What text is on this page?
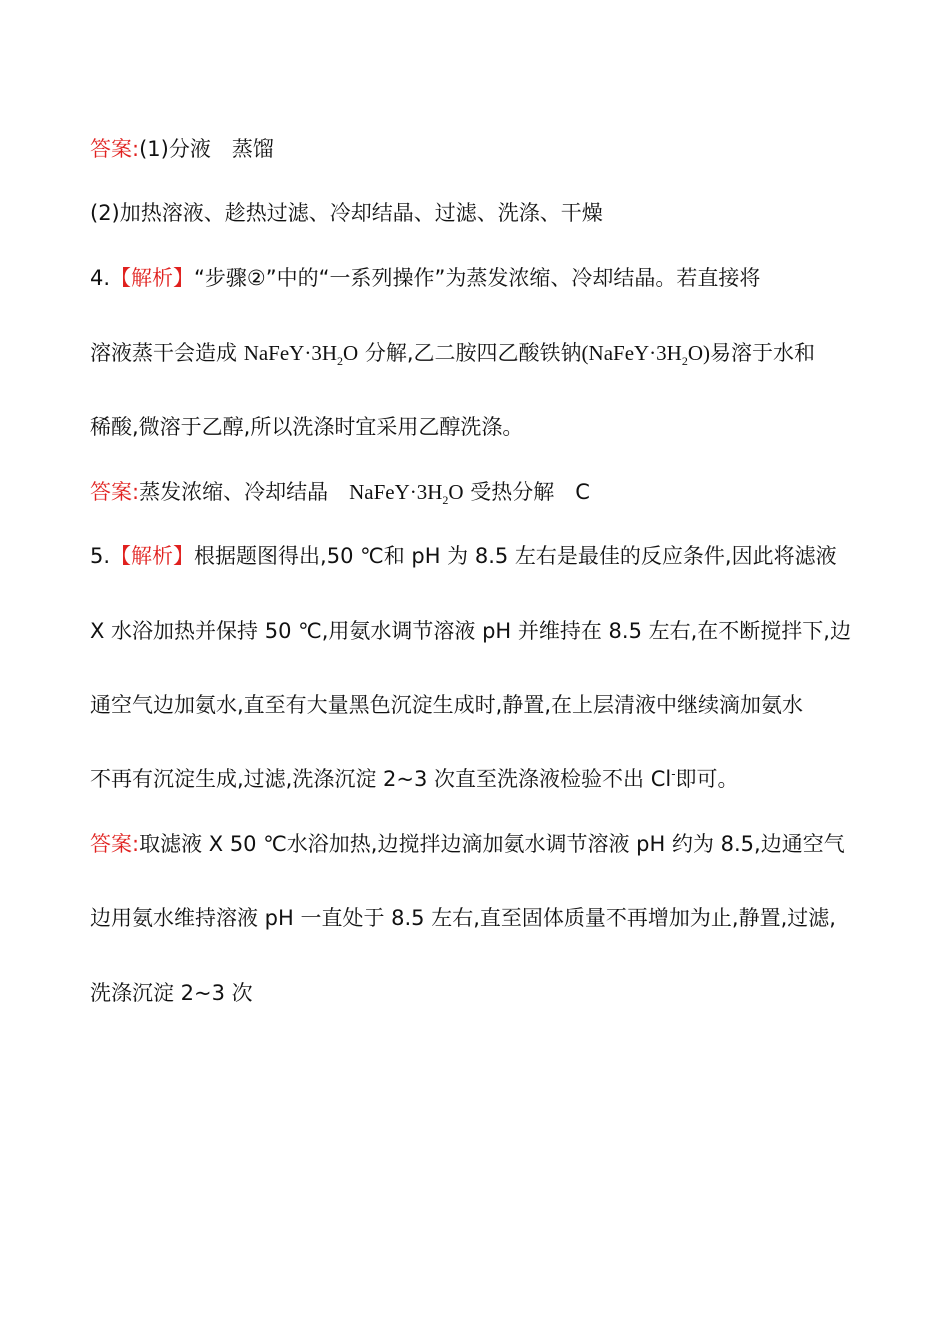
答案:(1)分液　蒸馏
(2)加热溶液、趁热过滤、冷却结晶、过滤、洗涤、干燥
4.【解析】“步骤②”中的“一系列操作”为蒸发浓缩、冷却结晶。若直接将
溶液蒸干会造成 $NaFeY\cdot 3H_2O$ 分解,乙二胺四乙酸铁钠$(NaFeY\cdot 3H_2O)$易溶于水和
稀酸,微溶于乙醇,所以洗涤时宜采用乙醇洗涤。
答案:蒸发浓缩、冷却结晶　$NaFeY\cdot 3H_2O$ 受热分解　C
5.【解析】根据题图得出,50 ℃和 pH 为 8.5 左右是最佳的反应条件,因此将滤液
X 水浴加热并保持 50 ℃,用氨水调节溶液 pH 并维持在 8.5 左右,在不断搅拌下,边
通空气边加氨水,直至有大量黑色沉淀生成时,静置,在上层清液中继续滴加氨水
不再有沉淀生成,过滤,洗涤沉淀 2~3 次直至洗涤液检验不出 Cl-即可。
答案:取滤液 X 50 ℃水浴加热,边搅拌边滴加氨水调节溶液 pH 约为 8.5,边通空气
边用氨水维持溶液 pH 一直处于 8.5 左右,直至固体质量不再增加为止,静置,过滤,
洗涤沉淀 2~3 次
